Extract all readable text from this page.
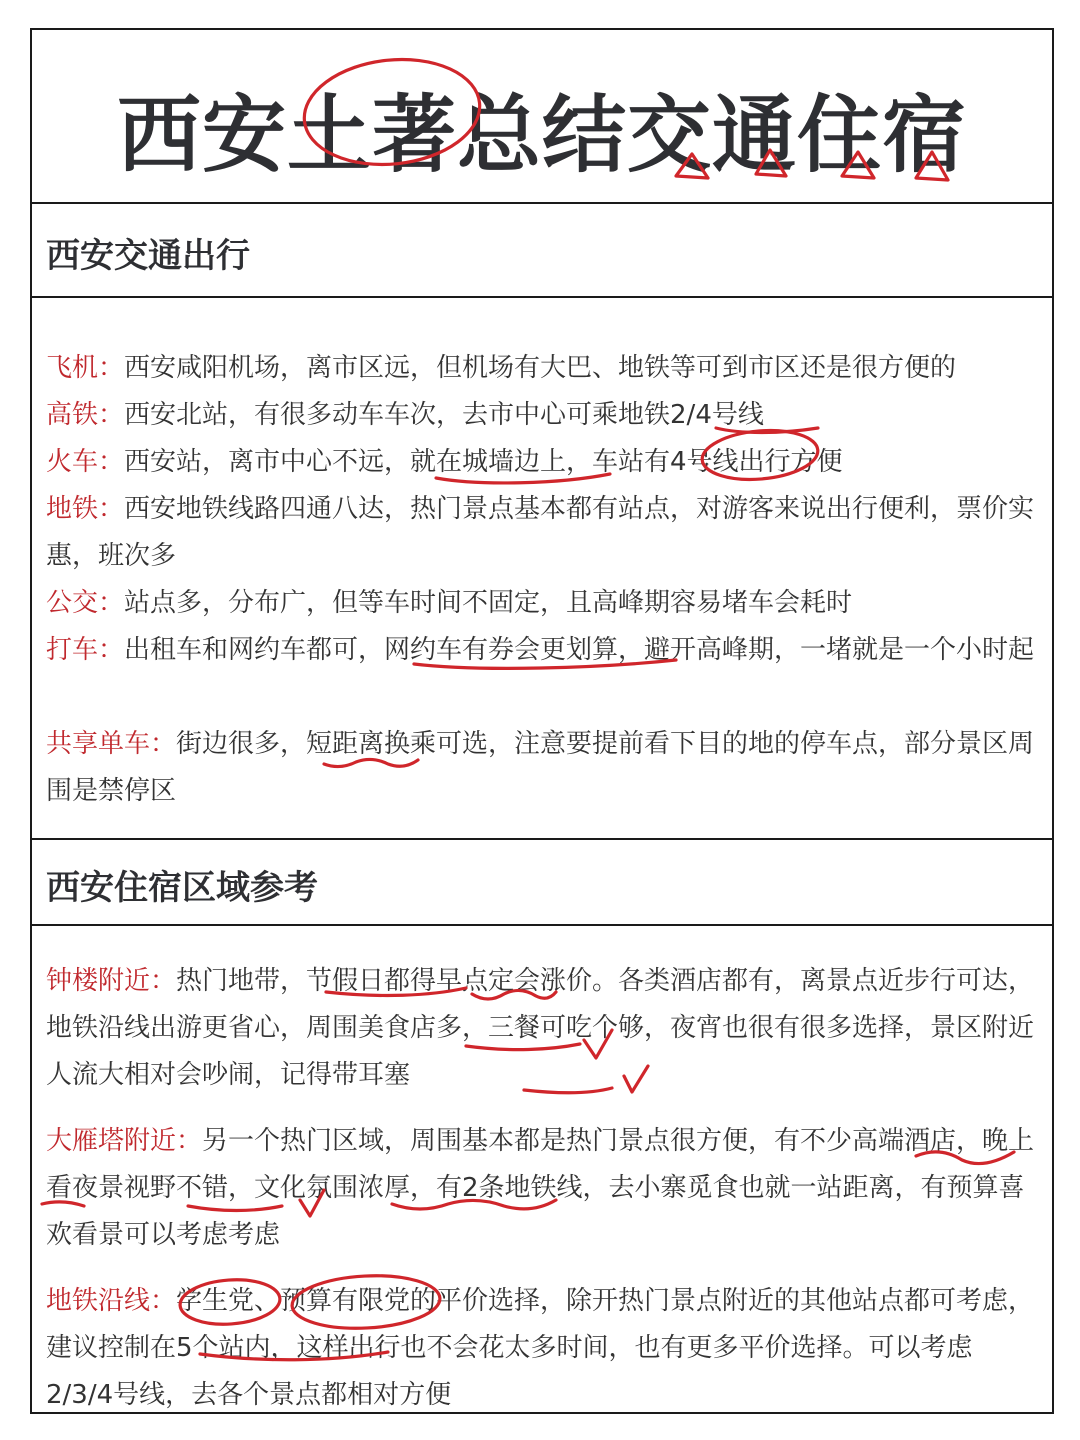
西安土著总结交通住宿
西安交通出行
飞机：西安咸阳机场，离市区远，但机场有大巴、地铁等可到市区还是很方便的
高铁：西安北站，有很多动车车次，去市中心可乘地铁2/4号线
火车：西安站，离市中心不远，就在城墙边上，车站有4号线出行方便
地铁：西安地铁线路四通八达，热门景点基本都有站点，对游客来说出行便利，票价实惠，班次多
公交：站点多，分布广，但等车时间不固定，且高峰期容易堵车会耗时
打车：出租车和网约车都可，网约车有券会更划算，避开高峰期，一堵就是一个小时起
共享单车：街边很多，短距离换乘可选，注意要提前看下目的地的停车点，部分景区周围是禁停区
西安住宿区域参考
钟楼附近：热门地带，节假日都得早点定会涨价。各类酒店都有，离景点近步行可达，地铁沿线出游更省心，周围美食店多，三餐可吃个够，夜宵也很有很多选择，景区附近人流大相对会吵闹，记得带耳塞
大雁塔附近：另一个热门区域，周围基本都是热门景点很方便，有不少高端酒店，晚上看夜景视野不错，文化氛围浓厚，有2条地铁线，去小寨觅食也就一站距离，有预算喜欢看景可以考虑考虑
地铁沿线：学生党、预算有限党的平价选择，除开热门景点附近的其他站点都可考虑，建议控制在5个站内，这样出行也不会花太多时间，也有更多平价选择。可以考虑2/3/4号线，去各个景点都相对方便
